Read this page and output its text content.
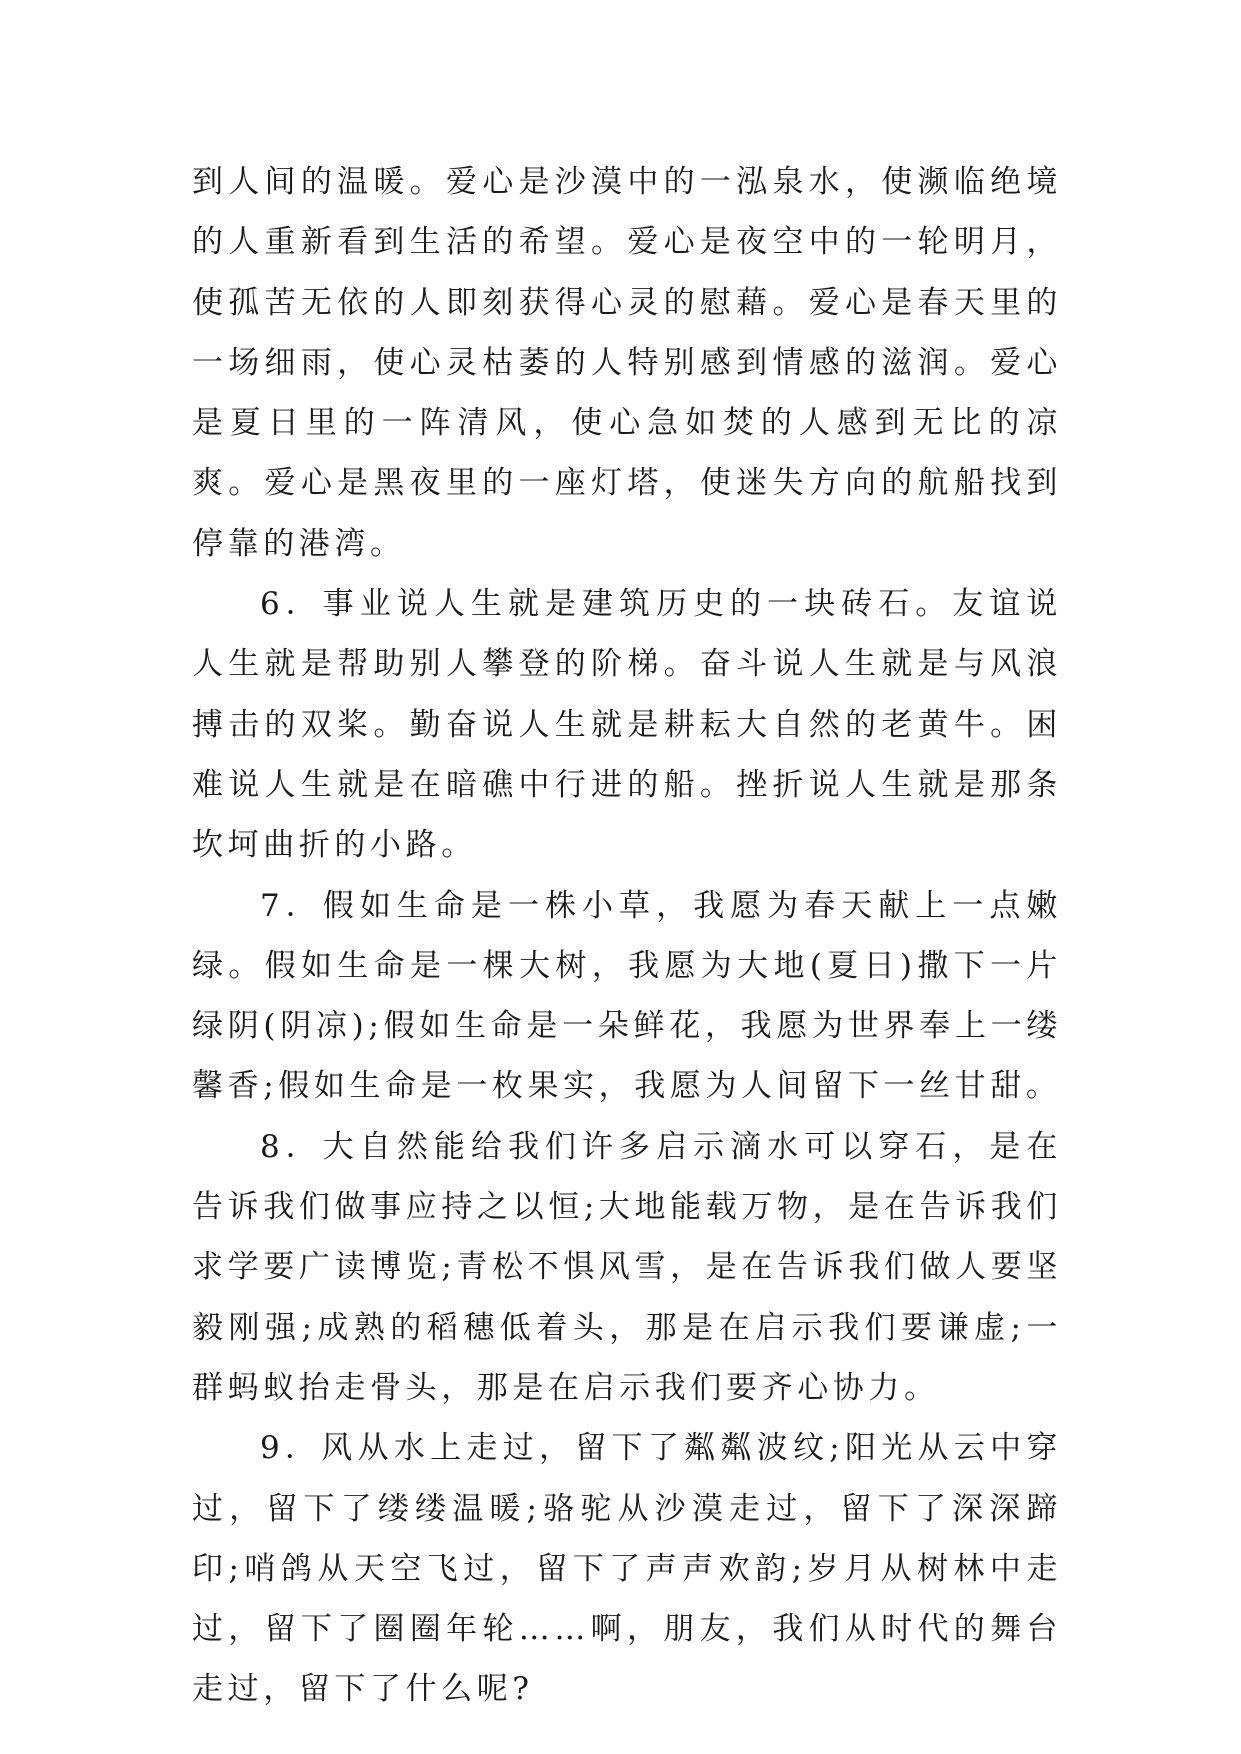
到人间的温暖。爱心是沙漠中的一泓泉水，使濒临绝境的人重新看到生活的希望。爱心是夜空中的一轮明月，使孤苦无依的人即刻获得心灵的慰藉。爱心是春天里的一场细雨，使心灵枯萎的人特别感到情感的滋润。爱心是夏日里的一阵清风，使心急如焚的人感到无比的凉爽。爱心是黑夜里的一座灯塔，使迷失方向的航船找到停靠的港湾。

6．事业说人生就是建筑历史的一块砖石。友谊说人生就是帮助别人攀登的阶梯。奋斗说人生就是与风浪搏击的双桨。勤奋说人生就是耕耘大自然的老黄牛。困难说人生就是在暗礁中行进的船。挫折说人生就是那条坎坷曲折的小路。

7．假如生命是一株小草，我愿为春天献上一点嫩绿。假如生命是一棵大树，我愿为大地(夏日)撒下一片绿阴(阴凉);假如生命是一朵鲜花，我愿为世界奉上一缕馨香;假如生命是一枚果实，我愿为人间留下一丝甘甜。

8．大自然能给我们许多启示滴水可以穿石，是在告诉我们做事应持之以恒;大地能载万物，是在告诉我们求学要广读博览;青松不惧风雪，是在告诉我们做人要坚毅刚强;成熟的稻穗低着头，那是在启示我们要谦虚;一群蚂蚁抬走骨头，那是在启示我们要齐心协力。

9．风从水上走过，留下了粼粼波纹;阳光从云中穿过，留下了缕缕温暖;骆驼从沙漠走过，留下了深深蹄印;哨鸽从天空飞过，留下了声声欢韵;岁月从树林中走过，留下了圈圈年轮……啊，朋友，我们从时代的舞台走过，留下了什么呢?
